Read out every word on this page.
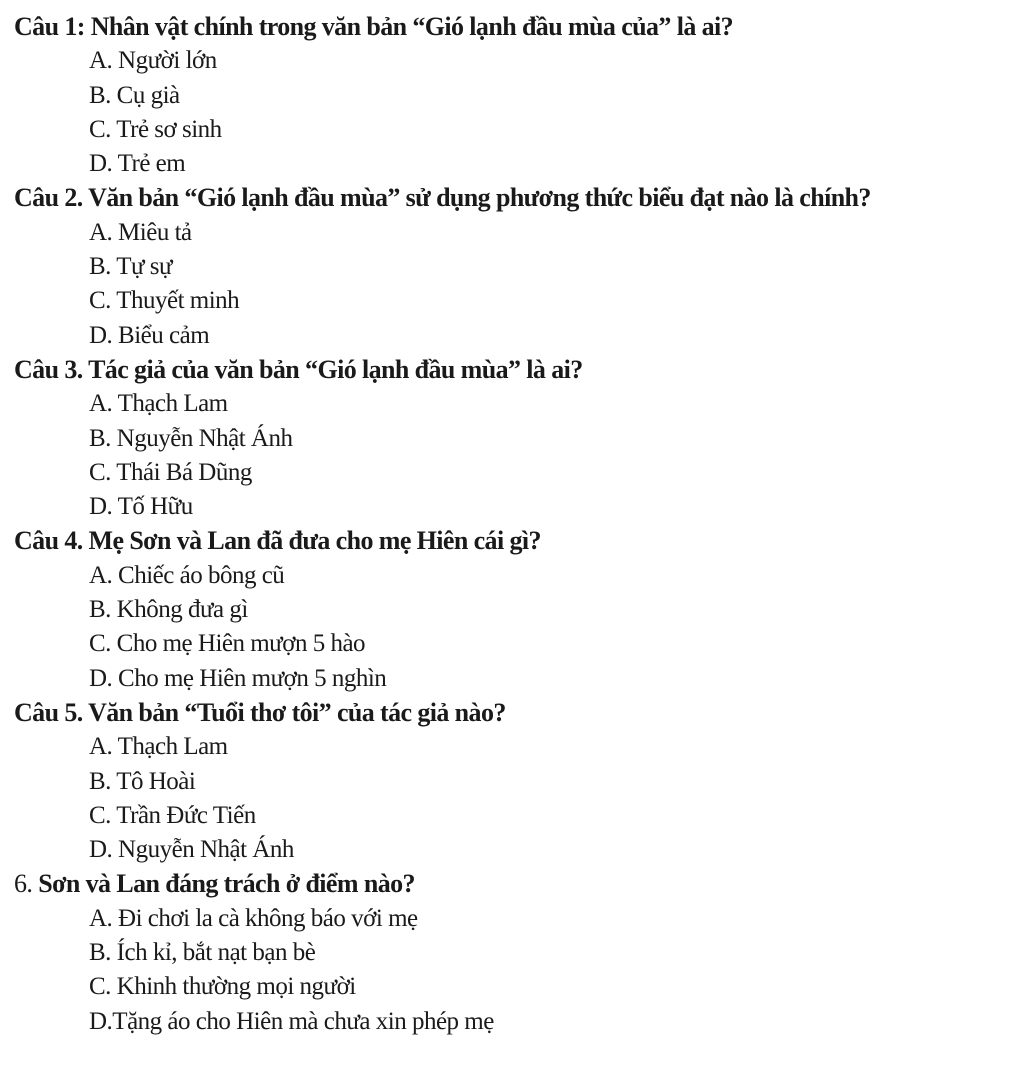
Câu 1: Nhân vật chính trong văn bản “Gió lạnh đầu mùa của” là ai?

A. Người lớn
B. Cụ già
C. Trẻ sơ sinh
D. Trẻ em

Câu 2. Văn bản “Gió lạnh đầu mùa” sử dụng phương thức biểu đạt nào là chính?

A. Miêu tả
B. Tự sự
C. Thuyết minh
D. Biểu cảm

Câu 3. Tác giả của văn bản “Gió lạnh đầu mùa” là ai?

A. Thạch Lam
B. Nguyễn Nhật Ánh
C. Thái Bá Dũng
D. Tố Hữu

Câu 4. Mẹ Sơn và Lan đã đưa cho mẹ Hiên cái gì?

A. Chiếc áo bông cũ
B. Không đưa gì
C. Cho mẹ Hiên mượn 5 hào
D. Cho mẹ Hiên mượn 5 nghìn

Câu 5. Văn bản “Tuổi thơ tôi” của tác giả nào?

A. Thạch Lam
B. Tô Hoài
C. Trần Đức Tiến
D. Nguyễn Nhật Ánh

6. Sơn và Lan đáng trách ở điểm nào?

A. Đi chơi la cà không báo với mẹ
B. Ích kỉ, bắt nạt bạn bè
C. Khinh thường mọi người
D.Tặng áo cho Hiên mà chưa xin phép mẹ
